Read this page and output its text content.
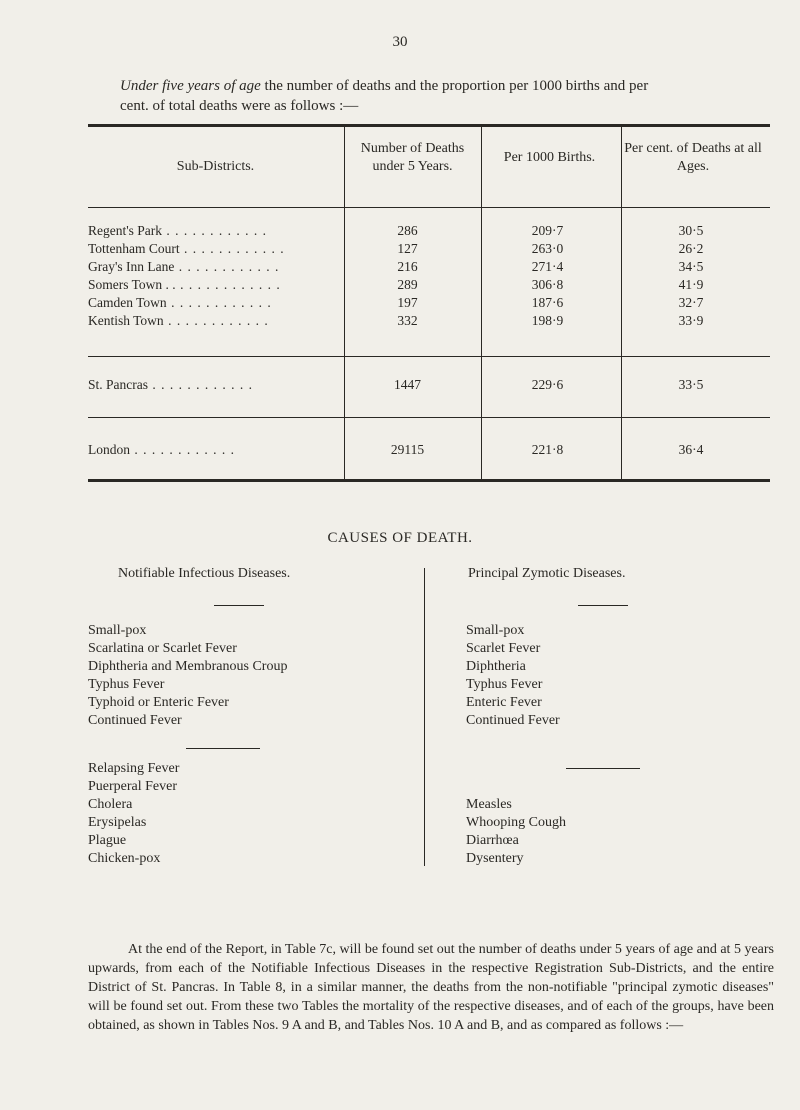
30
Under five years of age the number of deaths and the proportion per 1000 births and per cent. of total deaths were as follows :—
Sub-Districts.
Number of Deaths under 5 Years.
Per 1000 Births.
Per cent. of Deaths at all Ages.
Regent's Park . .	286	209·7	30·5
Tottenham Court . .	127	263·0	26·2
Gray's Inn Lane . .	216	271·4	34·5
Somers Town . . . .	289	306·8	41·9
Camden Town . .	197	187·6	32·7
Kentish Town . .	332	198·9	33·9
St. Pancras . .	1447	229·6	33·5
London . .	29115	221·8	36·4
CAUSES OF DEATH.
Notifiable Infectious Diseases.	Principal Zymotic Diseases.
Small-pox
Scarlatina or Scarlet Fever
Diphtheria and Membranous Croup
Typhus Fever
Typhoid or Enteric Fever
Continued Fever
Small-pox
Scarlet Fever
Diphtheria
Typhus Fever
Enteric Fever
Continued Fever
Relapsing Fever
Puerperal Fever
Cholera
Erysipelas
Plague
Chicken-pox
Measles
Whooping Cough
Diarrhœa
Dysentery

At the end of the Report, in Table 7c, will be found set out the number of deaths under 5 years of age and at 5 years upwards, from each of the Notifiable Infectious Diseases in the respective Registration Sub-Districts, and the entire District of St. Pancras. In Table 8, in a similar manner, the deaths from the non-notifiable "principal zymotic diseases" will be found set out. From these two Tables the mortality of the respective diseases, and of each of the groups, have been obtained, as shown in Tables Nos. 9 A and B, and Tables Nos. 10 A and B, and as compared as follows :—
